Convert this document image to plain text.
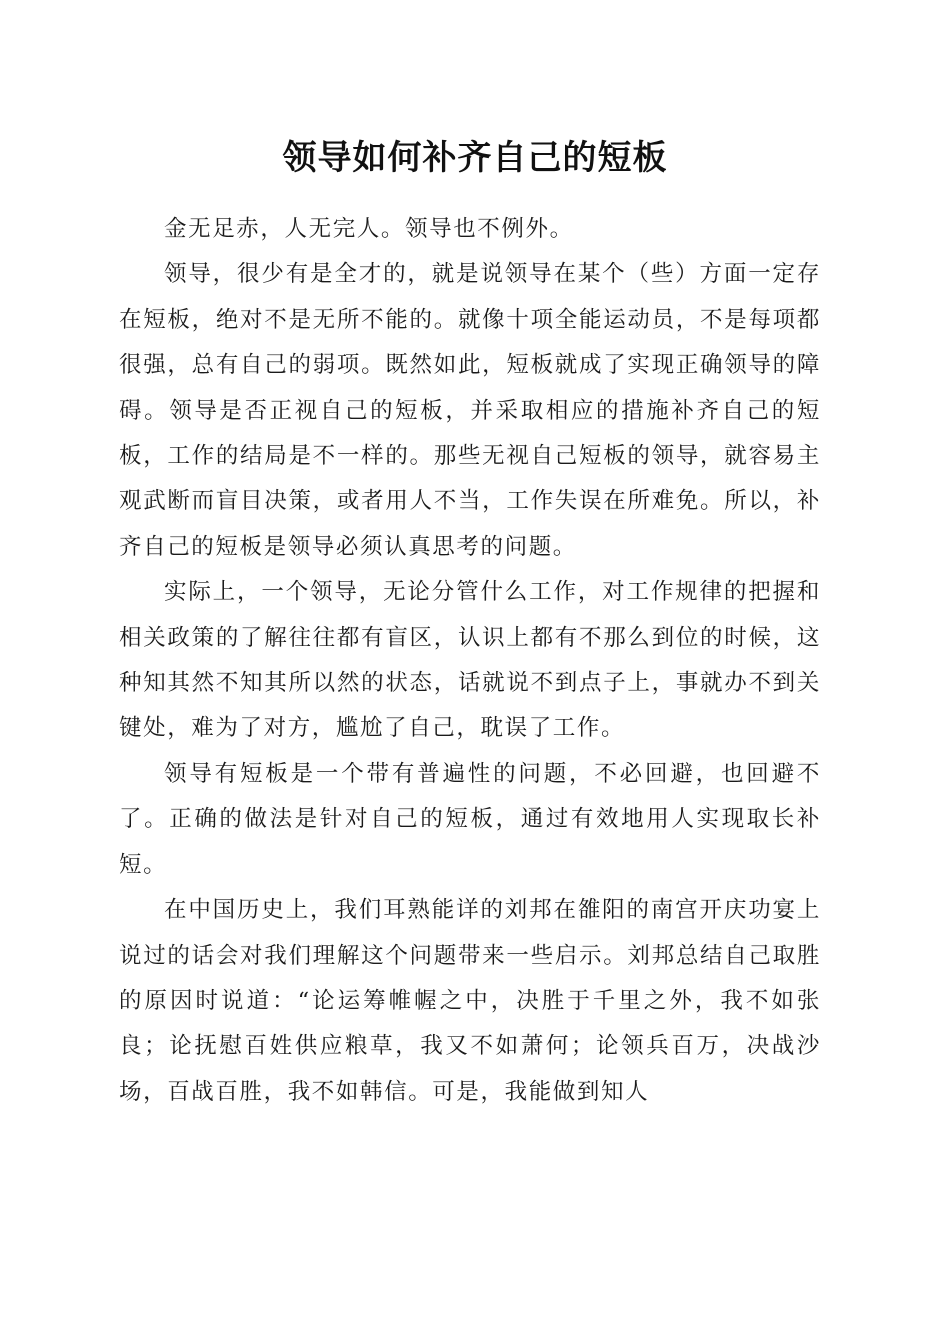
领导如何补齐自己的短板

金无足赤，人无完人。领导也不例外。

领导，很少有是全才的，就是说领导在某个（些）方面一定存在短板，绝对不是无所不能的。就像十项全能运动员，不是每项都很强，总有自己的弱项。既然如此，短板就成了实现正确领导的障碍。领导是否正视自己的短板，并采取相应的措施补齐自己的短板，工作的结局是不一样的。那些无视自己短板的领导，就容易主观武断而盲目决策，或者用人不当，工作失误在所难免。所以，补齐自己的短板是领导必须认真思考的问题。

实际上，一个领导，无论分管什么工作，对工作规律的把握和相关政策的了解往往都有盲区，认识上都有不那么到位的时候，这种知其然不知其所以然的状态，话就说不到点子上，事就办不到关键处，难为了对方，尴尬了自己，耽误了工作。

领导有短板是一个带有普遍性的问题，不必回避，也回避不了。正确的做法是针对自己的短板，通过有效地用人实现取长补短。

在中国历史上，我们耳熟能详的刘邦在雒阳的南宫开庆功宴上说过的话会对我们理解这个问题带来一些启示。刘邦总结自己取胜的原因时说道：“论运筹帷幄之中，决胜于千里之外，我不如张良；论抚慰百姓供应粮草，我又不如萧何；论领兵百万，决战沙场，百战百胜，我不如韩信。可是，我能做到知人
